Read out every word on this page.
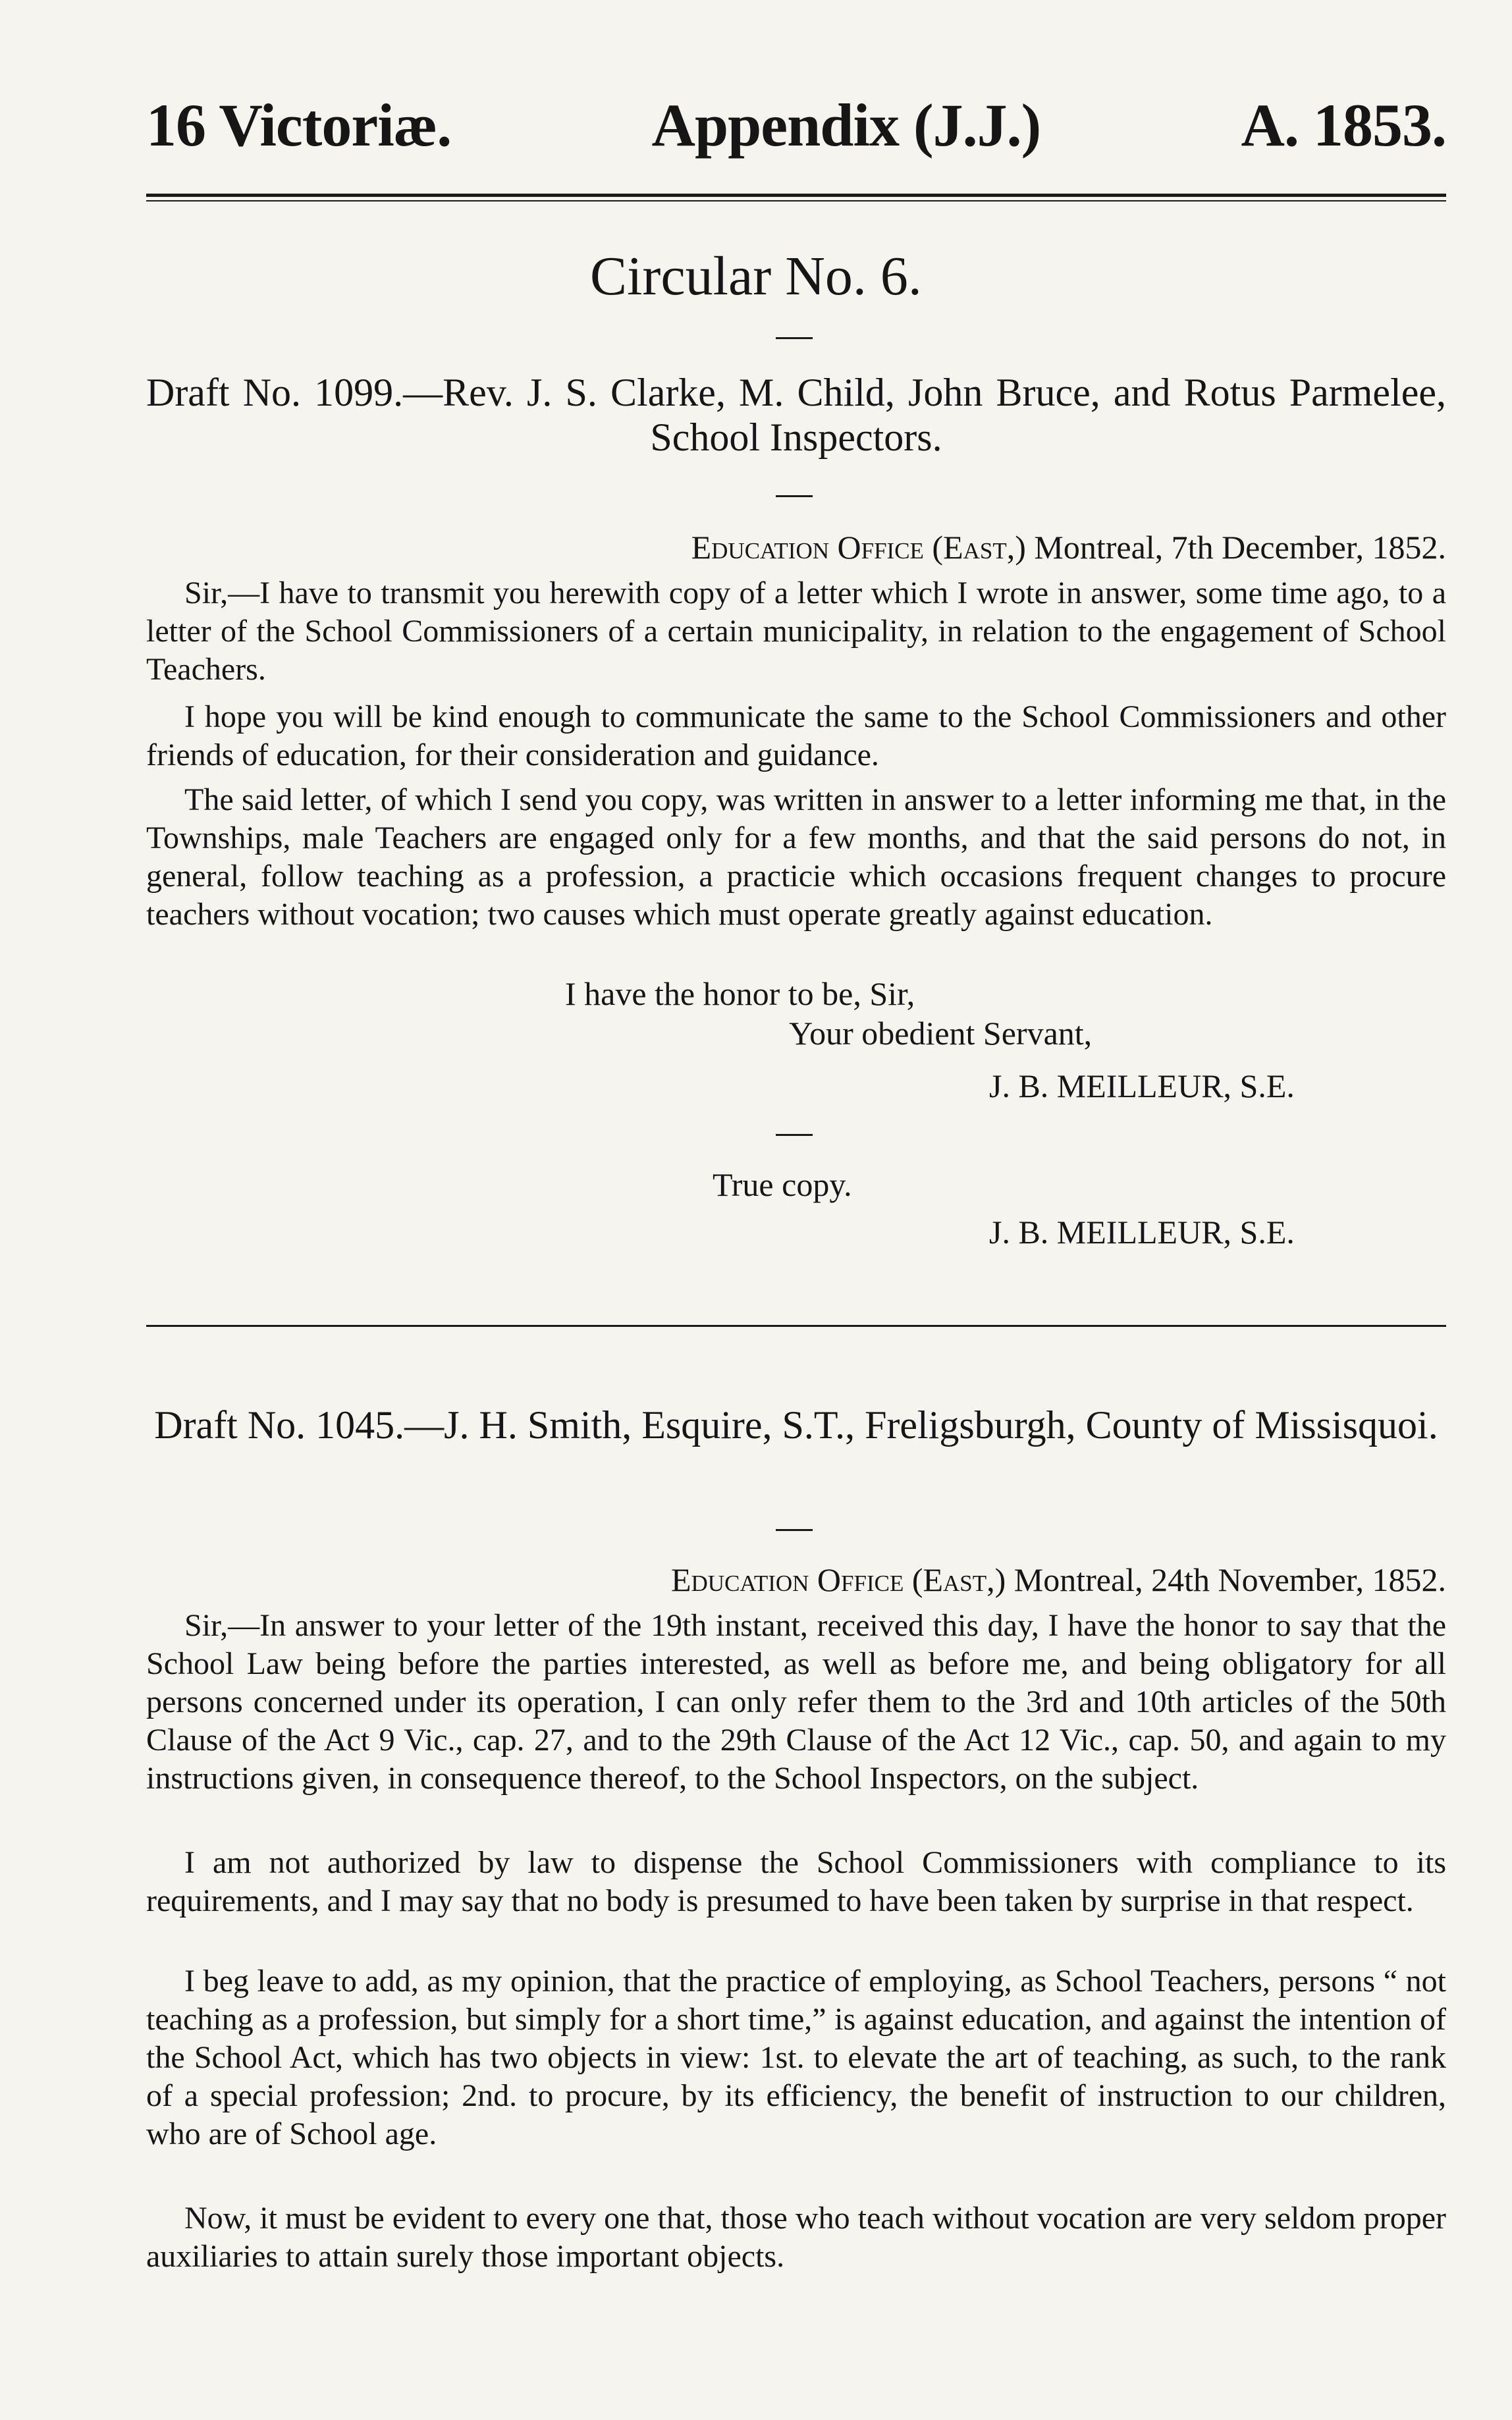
16 Victoriæ.	Appendix (J.J.)	A. 1853.
Circular No. 6.
Draft No. 1099.—Rev. J. S. Clarke, M. Child, John Bruce, and Rotus Parmelee, School Inspectors.
Education Office (East,) Montreal, 7th December, 1852.

Sir,—I have to transmit you herewith copy of a letter which I wrote in answer, some time ago, to a letter of the School Commissioners of a certain municipality, in relation to the engagement of School Teachers.

I hope you will be kind enough to communicate the same to the School Commissioners and other friends of education, for their consideration and guidance.

The said letter, of which I send you copy, was written in answer to a letter informing me that, in the Townships, male Teachers are engaged only for a few months, and that the said persons do not, in general, follow teaching as a profession, a practicie which occasions frequent changes to procure teachers without vocation; two causes which must operate greatly against education.

I have the honor to be, Sir,
Your obedient Servant,
J. B. MEILLEUR, S.E.
True copy.
J. B. MEILLEUR, S.E.
Draft No. 1045.—J. H. Smith, Esquire, S.T., Freligsburgh, County of Missisquoi.
Education Office (East,) Montreal, 24th November, 1852.

Sir,—In answer to your letter of the 19th instant, received this day, I have the honor to say that the School Law being before the parties interested, as well as before me, and being obligatory for all persons concerned under its operation, I can only refer them to the 3rd and 10th articles of the 50th Clause of the Act 9 Vic., cap. 27, and to the 29th Clause of the Act 12 Vic., cap. 50, and again to my instructions given, in consequence thereof, to the School Inspectors, on the subject.

I am not authorized by law to dispense the School Commissioners with compliance to its requirements, and I may say that no body is presumed to have been taken by surprise in that respect.

I beg leave to add, as my opinion, that the practice of employing, as School Teachers, persons “ not teaching as a profession, but simply for a short time,” is against education, and against the intention of the School Act, which has two objects in view: 1st. to elevate the art of teaching, as such, to the rank of a special profession; 2nd. to procure, by its efficiency, the benefit of instruction to our children, who are of School age.

Now, it must be evident to every one that, those who teach without vocation are very seldom proper auxiliaries to attain surely those important objects.
